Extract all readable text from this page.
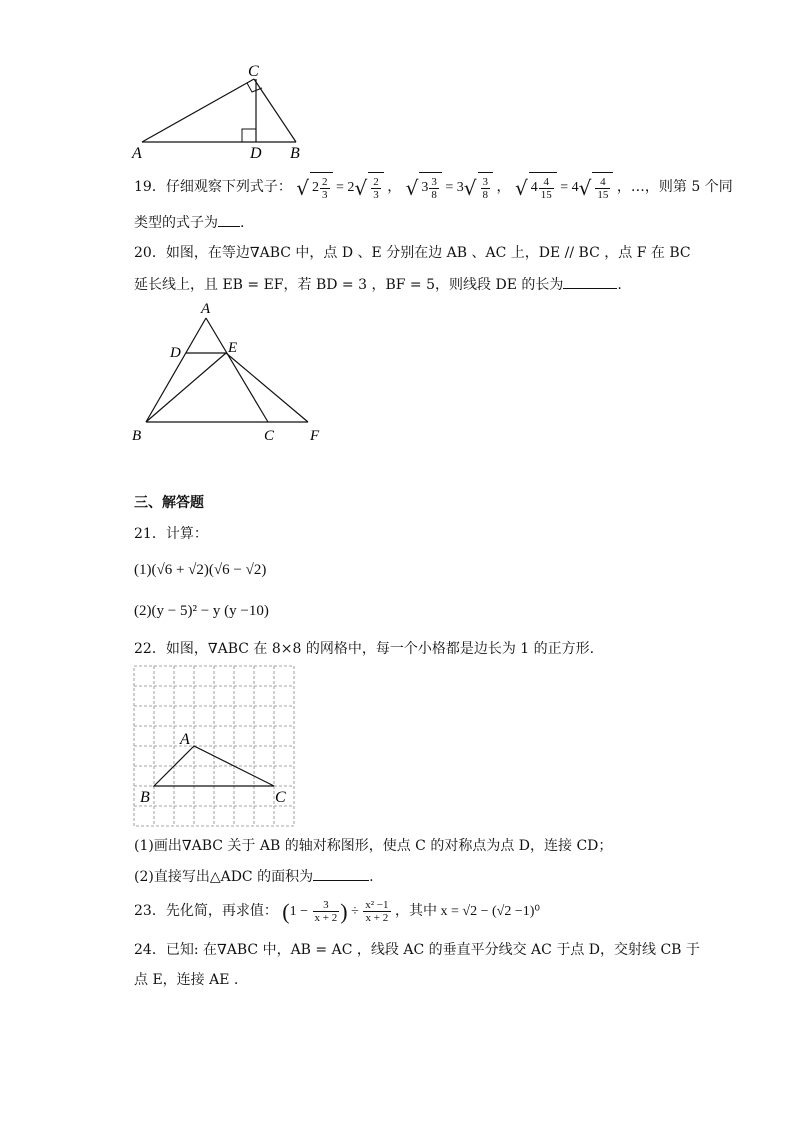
A	D B
C
19．仔细观察下列式子： √ $2 \frac{2}{3} = 2√ \frac{2}{3}$ ， √ $3 \frac{3}{8} = 3√ \frac{3}{8}$ ， √ $4 \frac{4}{15} = 4√ \frac{4}{15}$ ，…，则第 5 个同
类型的式子为 .
20．如图，在等边∇ABC 中，点 D 、E 分别在边 AB 、AC 上，DE // BC ，点 F 在 BC
延长线上，且 EB = EF，若 BD = 3 ，BF = 5，则线段 DE 的长为	.
A
D	E
B	C F
三、解答题
21．计算：
(1)(√6 + √2)(√6 − √2)
(2)(y − 5)² − y (y −10)
22．如图，∇ABC 在 8×8 的网格中，每一个小格都是边长为 1 的正方形.
A
B	C
(1)画出∇ABC 关于 AB 的轴对称图形，使点 C 的对称点为点 D，连接 CD；
(2)直接写出△ADC 的面积为	.
23．先化简，再求值： ($1 - \frac{3}{x + 2}$ ) ÷ $\frac{\text{x² −1}}{x + 2}$ ，其中 x = √2 − (√2 −1)⁰
24．已知: 在∇ABC 中，AB = AC ，线段 AC 的垂直平分线交 AC 于点 D，交射线 CB 于
点 E，连接 AE .
